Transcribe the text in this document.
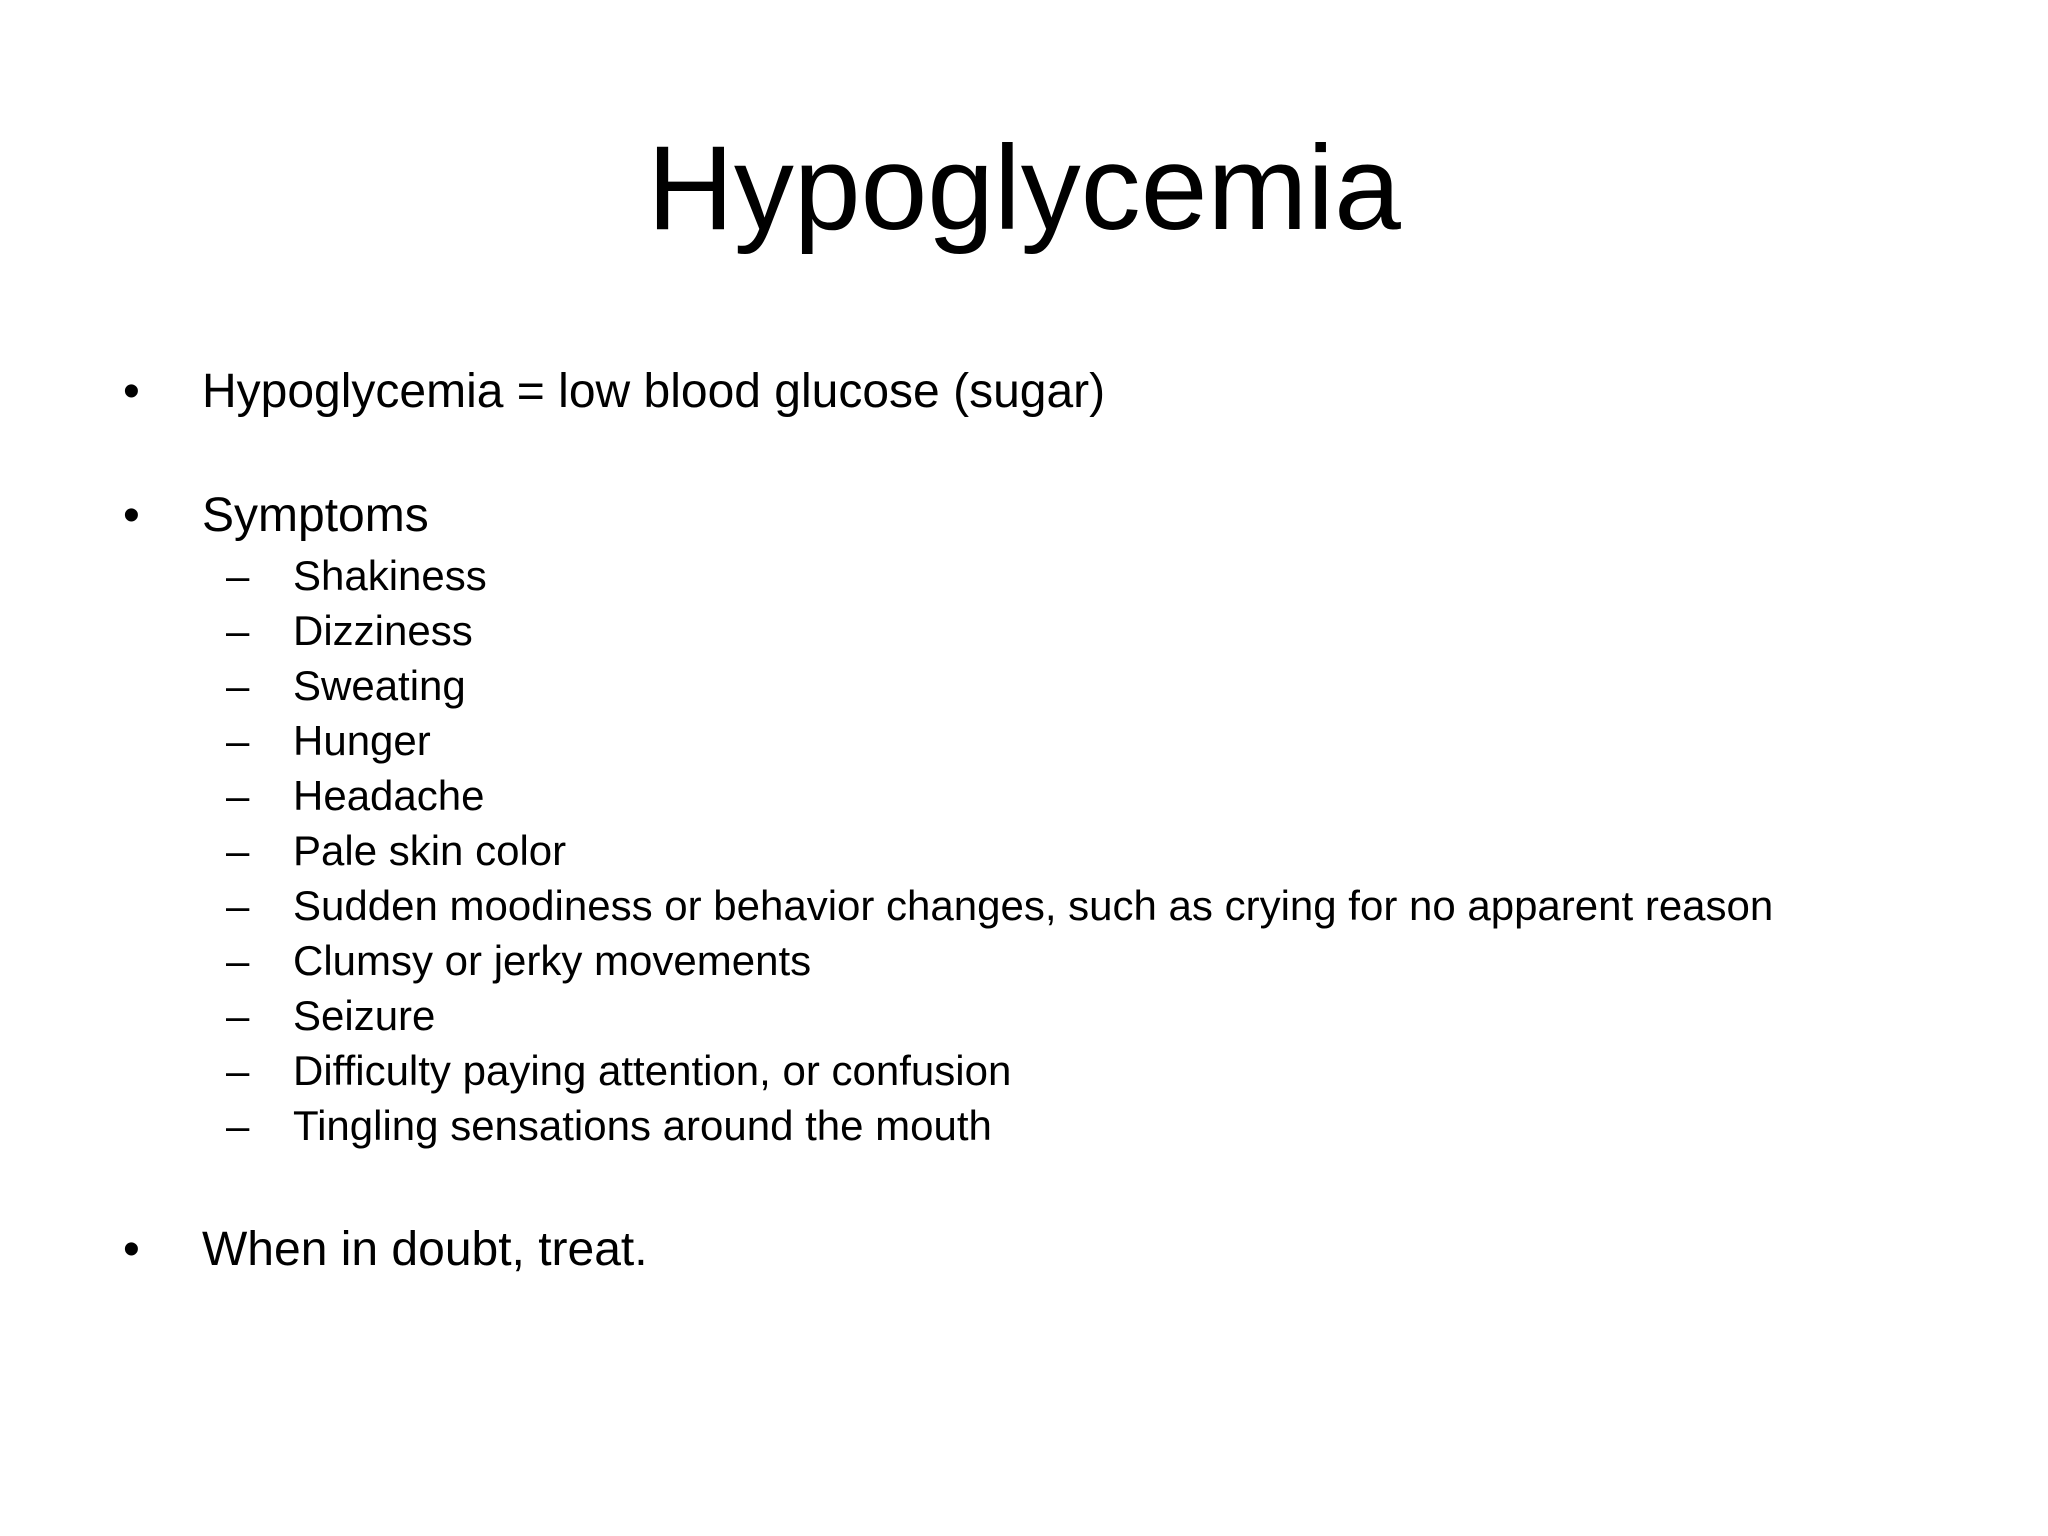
Hypoglycemia
• Hypoglycemia = low blood glucose (sugar)
• Symptoms
– Shakiness
– Dizziness
– Sweating
– Hunger
– Headache
– Pale skin color
– Sudden moodiness or behavior changes, such as crying for no apparent reason
– Clumsy or jerky movements
– Seizure
– Difficulty paying attention, or confusion
– Tingling sensations around the mouth
• When in doubt, treat.
